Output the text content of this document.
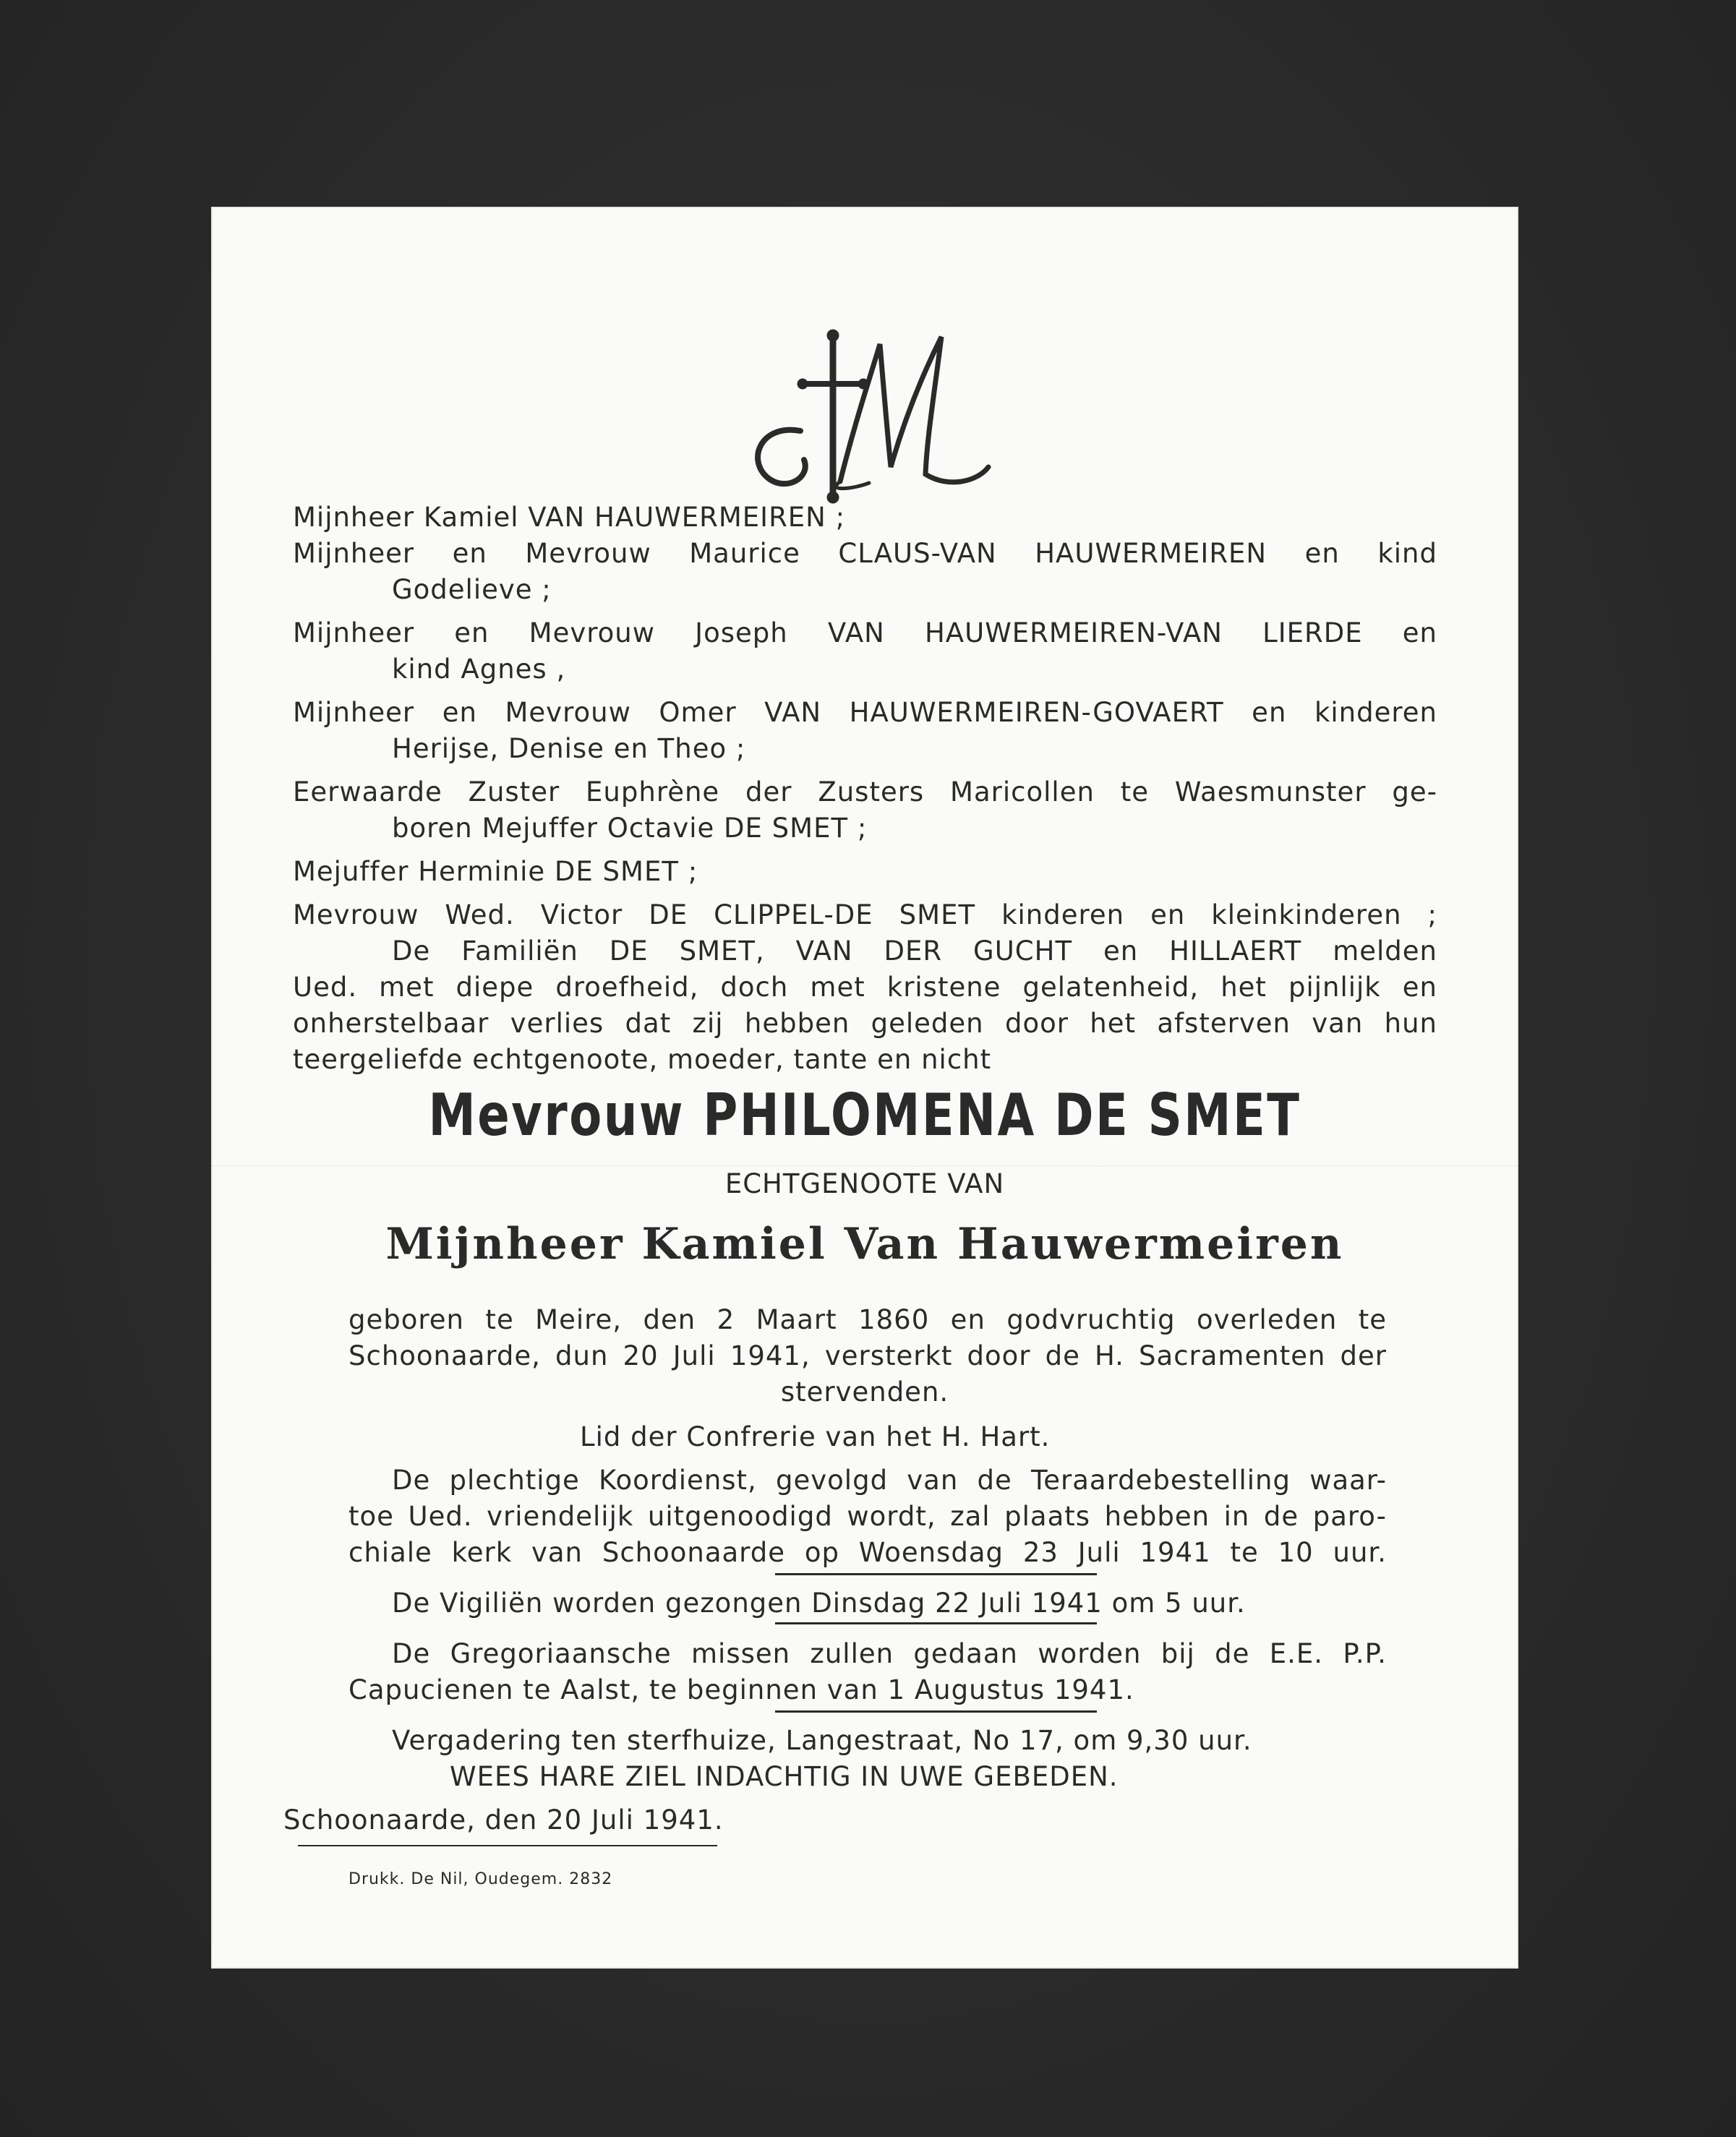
Mijnheer Kamiel VAN HAUWERMEIREN ;
Mijnheer en Mevrouw Maurice CLAUS-VAN HAUWERMEIREN en kind
Godelieve ;
Mijnheer en Mevrouw Joseph VAN HAUWERMEIREN-VAN LIERDE en
kind Agnes ,
Mijnheer en Mevrouw Omer VAN HAUWERMEIREN-GOVAERT en kinderen
Herijse, Denise en Theo ;
Eerwaarde Zuster Euphrène der Zusters Maricollen te Waesmunster ge-
boren Mejuffer Octavie DE SMET ;
Mejuffer Herminie DE SMET ;
Mevrouw Wed. Victor DE CLIPPEL-DE SMET kinderen en kleinkinderen ;
De Familiën DE SMET, VAN DER GUCHT en HILLAERT melden
Ued. met diepe droefheid, doch met kristene gelatenheid, het pijnlijk en
onherstelbaar verlies dat zij hebben geleden door het afsterven van hun
teergeliefde echtgenoote, moeder, tante en nicht
Mevrouw PHILOMENA DE SMET
ECHTGENOOTE VAN
Mijnheer Kamiel Van Hauwermeiren
geboren te Meire, den 2 Maart 1860 en godvruchtig overleden te
Schoonaarde, dun 20 Juli 1941, versterkt door de H. Sacramenten der
stervenden.
Lid der Confrerie van het H. Hart.
De plechtige Koordienst, gevolgd van de Teraardebestelling waar-
toe Ued. vriendelijk uitgenoodigd wordt, zal plaats hebben in de paro-
chiale kerk van Schoonaarde op Woensdag 23 Juli 1941 te 10 uur.
De Vigiliën worden gezongen Dinsdag 22 Juli 1941 om 5 uur.
De Gregoriaansche missen zullen gedaan worden bij de E.E. P.P.
Capucienen te Aalst, te beginnen van 1 Augustus 1941.
Vergadering ten sterfhuize, Langestraat, No 17, om 9,30 uur.
WEES HARE ZIEL INDACHTIG IN UWE GEBEDEN.
Schoonaarde, den 20 Juli 1941.
Drukk. De Nil, Oudegem. 2832
